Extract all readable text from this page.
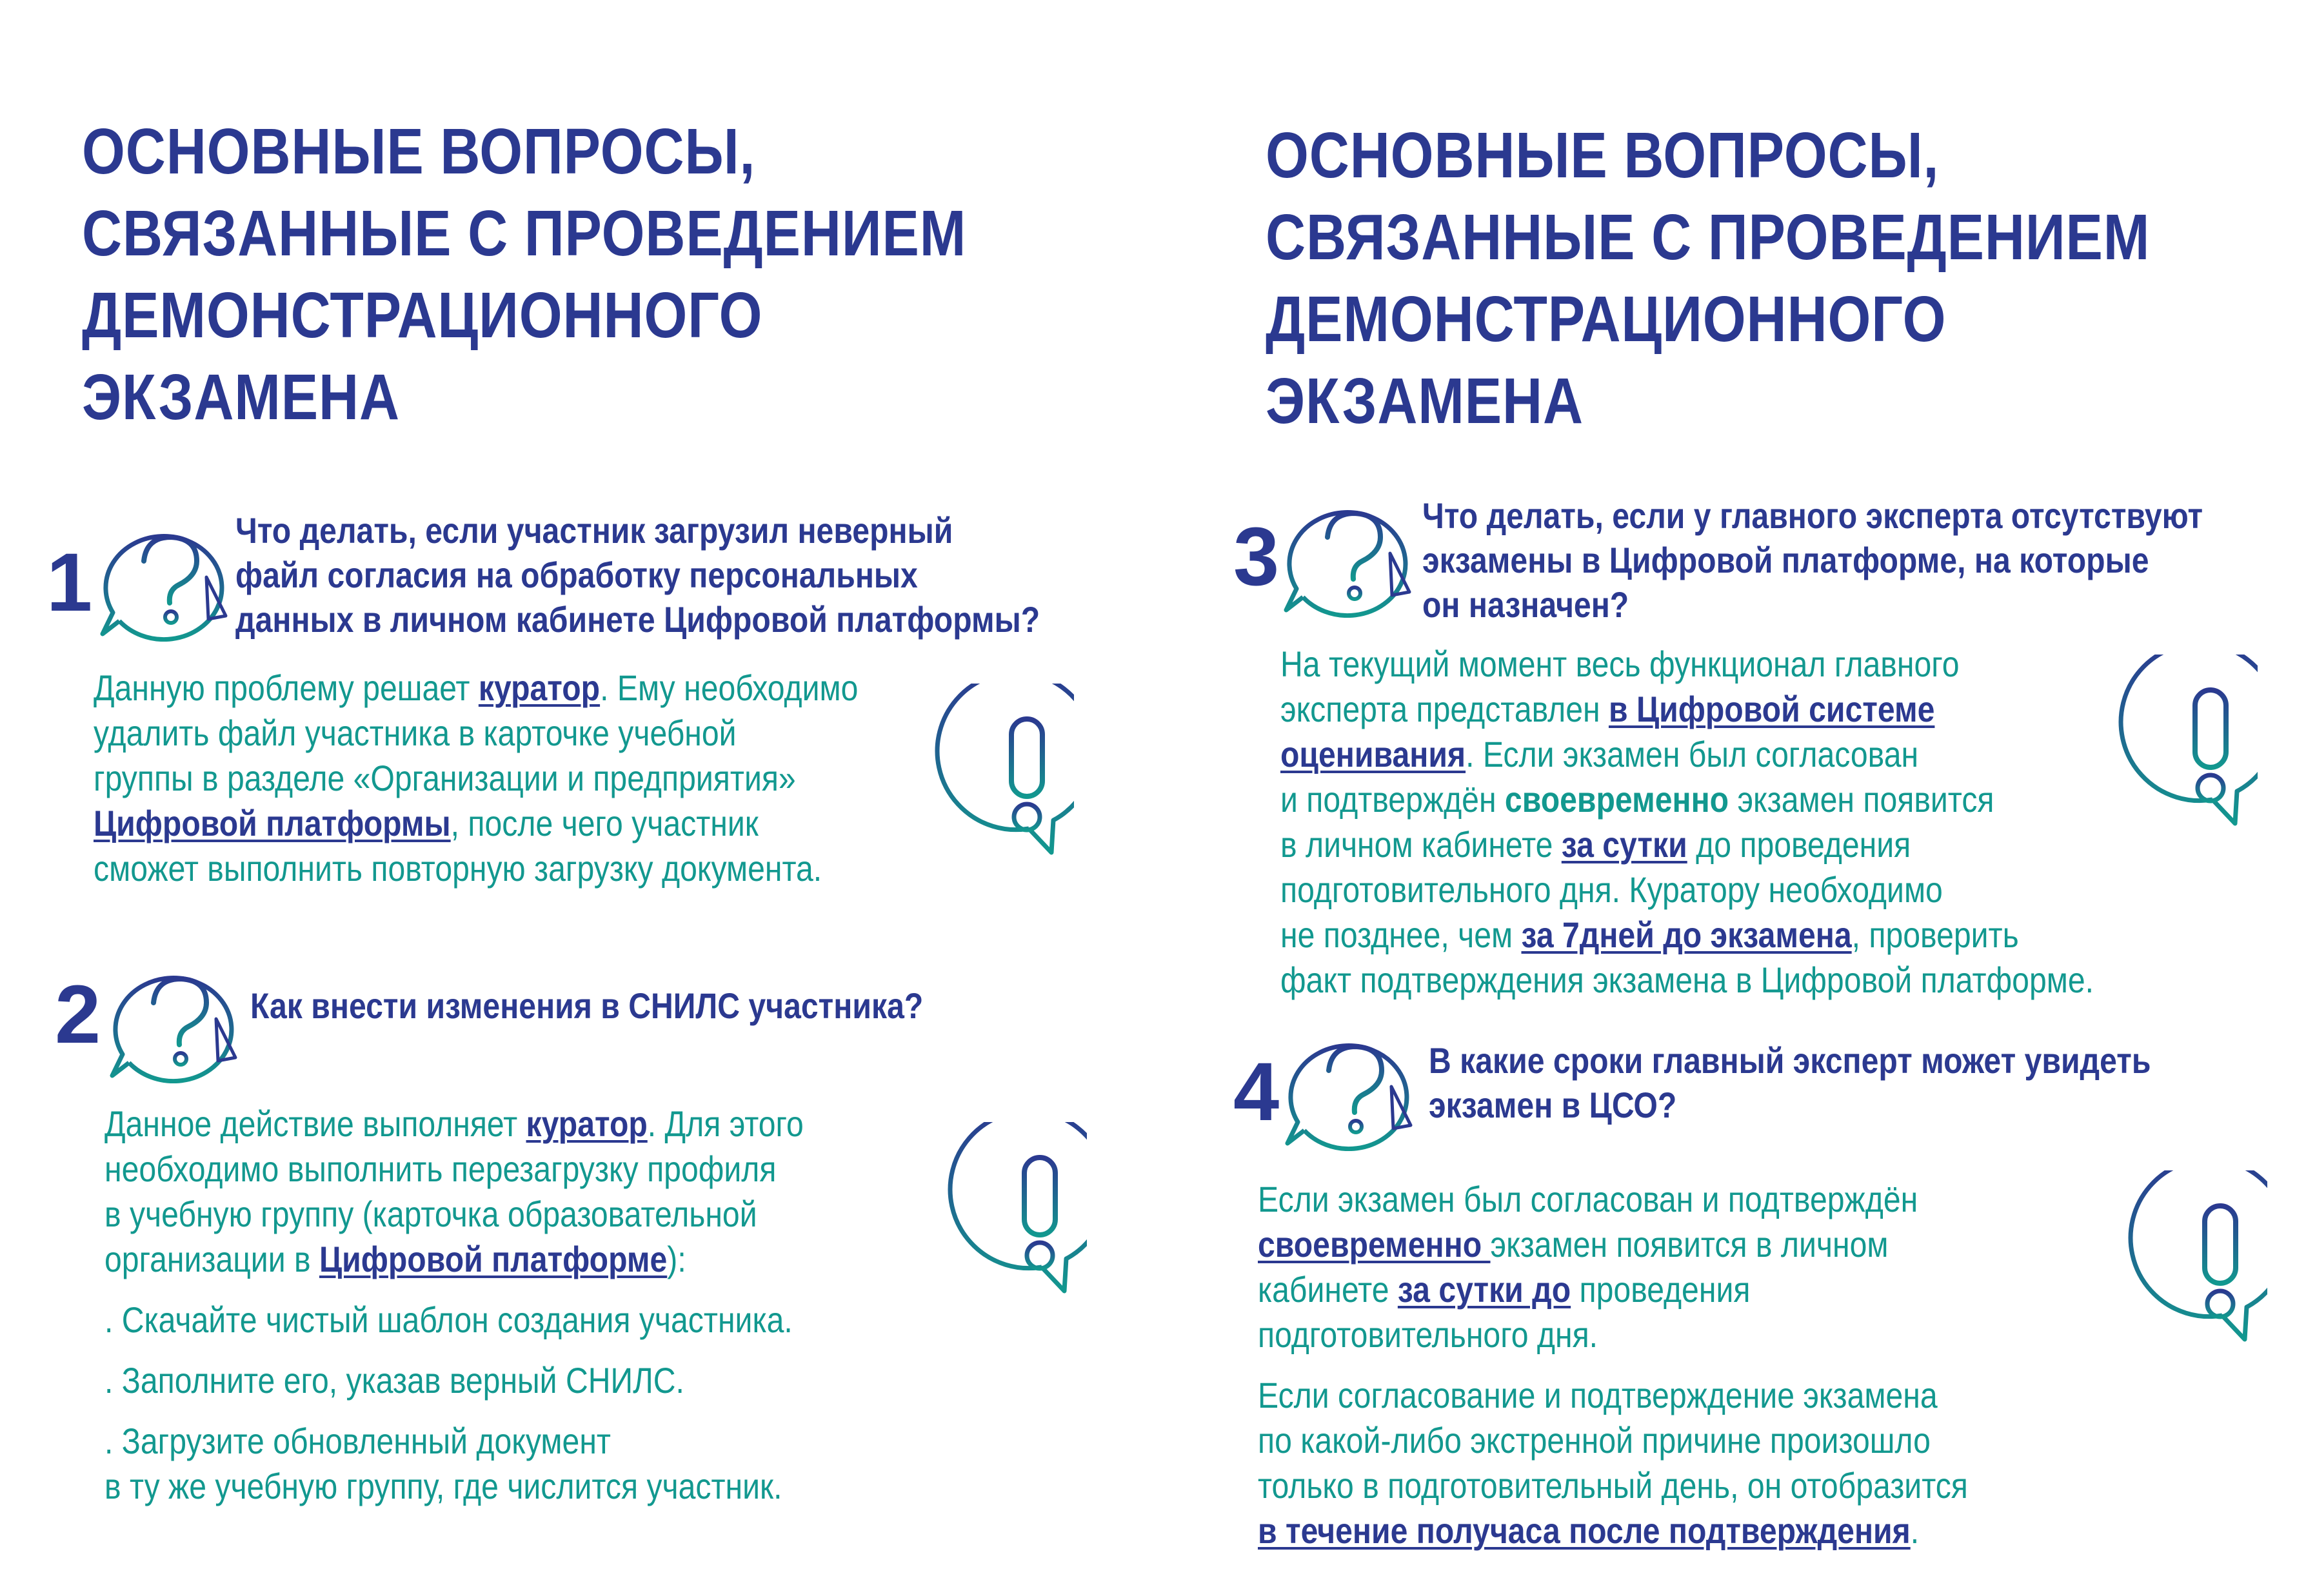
ОСНОВНЫЕ ВОПРОСЫ,
СВЯЗАННЫЕ С ПРОВЕДЕНИЕМ
ДЕМОНСТРАЦИОННОГО
ЭКЗАМЕНА
1
Что делать, если участник загрузил неверный
файл согласия на обработку персональных
данных в личном кабинете Цифровой платформы?
Данную проблему решает куратор. Ему необходимо
удалить файл участника в карточке учебной
группы в разделе «Организации и предприятия»
Цифровой платформы, после чего участник
сможет выполнить повторную загрузку документа.
2	Как внести изменения в СНИЛС участника?
Данное действие выполняет куратор. Для этого
необходимо выполнить перезагрузку профиля
в учебную группу (карточка образовательной
организации в Цифровой платформе):
. Скачайте чистый шаблон создания участника.
. Заполните его, указав верный СНИЛС.
. Загрузите обновленный документ
в ту же учебную группу, где числится участник.
ОСНОВНЫЕ ВОПРОСЫ,
СВЯЗАННЫЕ С ПРОВЕДЕНИЕМ
ДЕМОНСТРАЦИОННОГО
ЭКЗАМЕНА
3	Что делать, если у главного эксперта отсутствуют
экзамены в Цифровой платформе, на которые
он назначен?
На текущий момент весь функционал главного
эксперта представлен в Цифровой системе
оценивания. Если экзамен был согласован
и подтверждён своевременно экзамен появится
в личном кабинете за сутки до проведения
подготовительного дня. Куратору необходимо
не позднее, чем за 7дней до экзамена, проверить
факт подтверждения экзамена в Цифровой платформе.
4	В какие сроки главный эксперт может увидеть
экзамен в ЦСО?
Если экзамен был согласован и подтверждён
своевременно экзамен появится в личном
кабинете за сутки до проведения
подготовительного дня.
Если согласование и подтверждение экзамена
по какой-либо экстренной причине произошло
только в подготовительный день, он отобразится
в течение получаса после подтверждения.
